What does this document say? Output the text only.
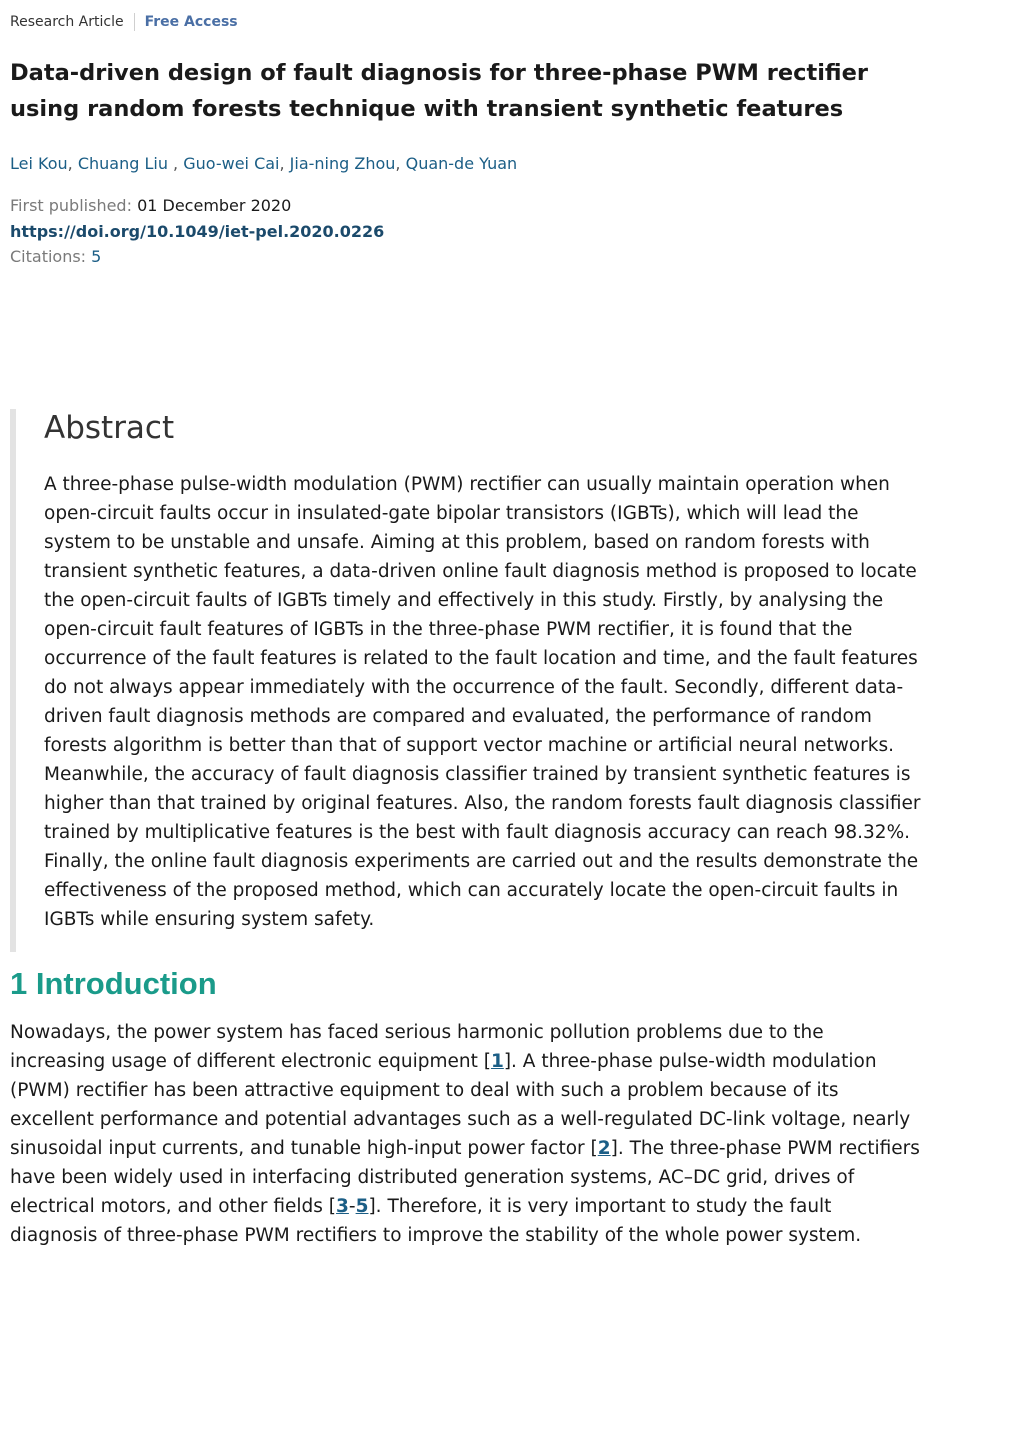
Research Article Free Access
Data-driven design of fault diagnosis for three-phase PWM rectifier using random forests technique with transient synthetic features
Lei Kou, Chuang Liu , Guo-wei Cai, Jia-ning Zhou, Quan-de Yuan
First published: 01 December 2020
https://doi.org/10.1049/iet-pel.2020.0226
Citations: 5
Abstract

A three-phase pulse-width modulation (PWM) rectifier can usually maintain operation when open-circuit faults occur in insulated-gate bipolar transistors (IGBTs), which will lead the system to be unstable and unsafe. Aiming at this problem, based on random forests with transient synthetic features, a data-driven online fault diagnosis method is proposed to locate the open-circuit faults of IGBTs timely and effectively in this study. Firstly, by analysing the open-circuit fault features of IGBTs in the three-phase PWM rectifier, it is found that the occurrence of the fault features is related to the fault location and time, and the fault features do not always appear immediately with the occurrence of the fault. Secondly, different data-driven fault diagnosis methods are compared and evaluated, the performance of random forests algorithm is better than that of support vector machine or artificial neural networks. Meanwhile, the accuracy of fault diagnosis classifier trained by transient synthetic features is higher than that trained by original features. Also, the random forests fault diagnosis classifier trained by multiplicative features is the best with fault diagnosis accuracy can reach 98.32%. Finally, the online fault diagnosis experiments are carried out and the results demonstrate the effectiveness of the proposed method, which can accurately locate the open-circuit faults in IGBTs while ensuring system safety.

1 Introduction

Nowadays, the power system has faced serious harmonic pollution problems due to the increasing usage of different electronic equipment [1]. A three-phase pulse-width modulation (PWM) rectifier has been attractive equipment to deal with such a problem because of its excellent performance and potential advantages such as a well-regulated DC-link voltage, nearly sinusoidal input currents, and tunable high-input power factor [2]. The three-phase PWM rectifiers have been widely used in interfacing distributed generation systems, AC–DC grid, drives of electrical motors, and other fields [3-5]. Therefore, it is very important to study the fault diagnosis of three-phase PWM rectifiers to improve the stability of the whole power system.
